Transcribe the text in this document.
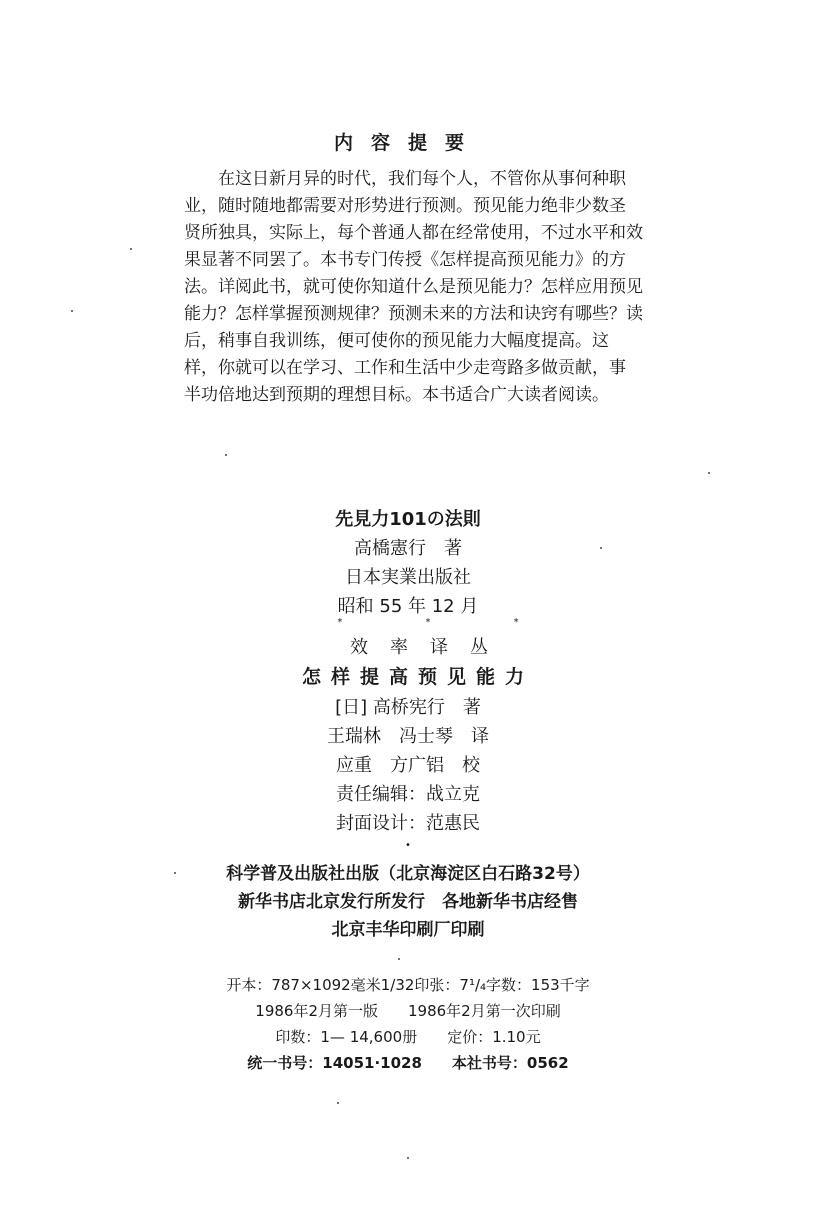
内容提要
在这日新月异的时代，我们每个人，不管你从事何种职
业，随时随地都需要对形势进行预测。预见能力绝非少数圣
贤所独具，实际上，每个普通人都在经常使用，不过水平和效
果显著不同罢了。本书专门传授《怎样提高预见能力》的方
法。详阅此书，就可使你知道什么是预见能力？怎样应用预见
能力？怎样掌握预测规律？预测未来的方法和诀窍有哪些？读
后，稍事自我训练，便可使你的预见能力大幅度提高。这
样，你就可以在学习、工作和生活中少走弯路多做贡献，事
半功倍地达到预期的理想目标。本书适合广大读者阅读。
先見力101の法則
高橋憲行　著
日本実業出版社
昭和 55 年 12 月
* * *
效率译丛
怎样提高预见能力
[日] 高桥宪行　著
王瑞林　冯士琴　译
应重　方广铝　校
责任编辑：战立克
封面设计：范惠民
•
科学普及出版社出版（北京海淀区白石路32号）
新华书店北京发行所发行　各地新华书店经售
北京丰华印刷厂印刷
开本：787×1092毫米1/32印张：7¹/₄字数：153千字
1986年2月第一版　　1986年2月第一次印刷
印数：1— 14,600册　　定价：1.10元
统一书号：14051·1028　　本社书号：0562
